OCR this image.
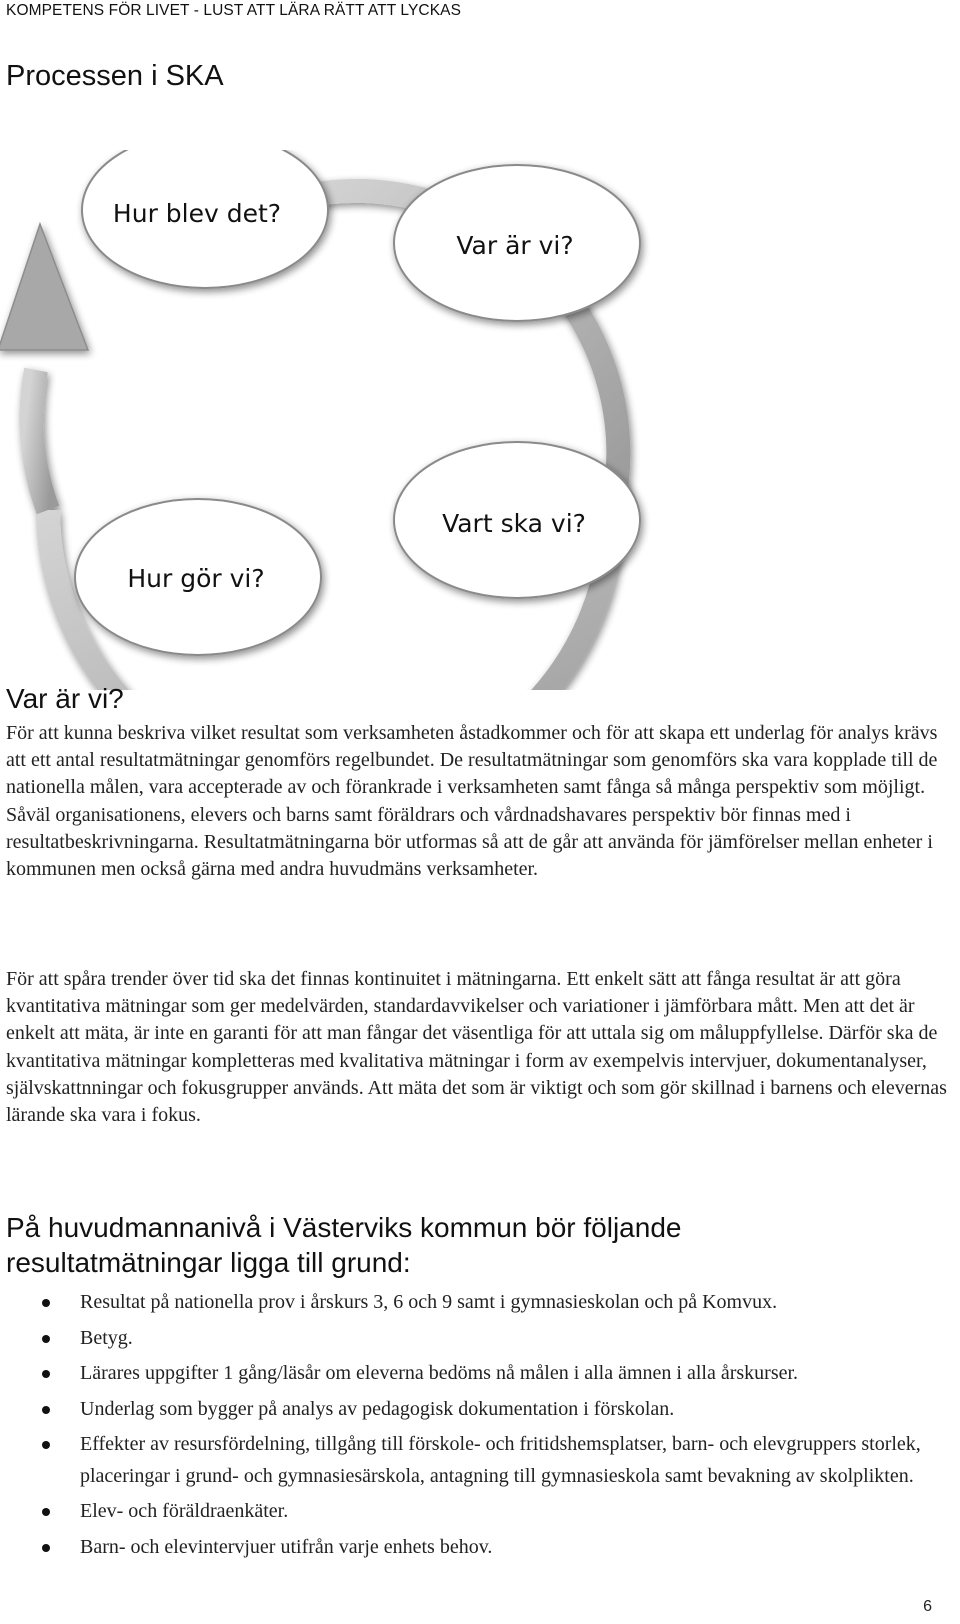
KOMPETENS FÖR LIVET - LUST ATT LÄRA RÄTT ATT LYCKAS
Processen i SKA
Hur blev det?
Var är vi?
Vart ska vi?
Hur gör vi?
Var är vi?

För att kunna beskriva vilket resultat som verksamheten åstadkommer och för att skapa ett underlag för analys krävs att ett antal resultatmätningar genomförs regelbundet. De resultatmätningar som genomförs ska vara kopplade till de nationella målen, vara accepterade av och förankrade i verksamheten samt fånga så många perspektiv som möjligt. Såväl organisationens, elevers och barns samt föräldrars och vårdnadshavares perspektiv bör finnas med i resultatbeskrivningarna. Resultatmätningarna bör utformas så att de går att använda för jämförelser mellan enheter i kommunen men också gärna med andra huvudmäns verksamheter.

För att spåra trender över tid ska det finnas kontinuitet i mätningarna. Ett enkelt sätt att fånga resultat är att göra kvantitativa mätningar som ger medelvärden, standardavvikelser och variationer i jämförbara mått. Men att det är enkelt att mäta, är inte en garanti för att man fångar det väsentliga för att uttala sig om måluppfyllelse. Därför ska de kvantitativa mätningar kompletteras med kvalitativa mätningar i form av exempelvis intervjuer, dokumentanalyser, självskattnningar och fokusgrupper används. Att mäta det som är viktigt och som gör skillnad i barnens och elevernas lärande ska vara i fokus.

På huvudmannanivå i Västerviks kommun bör följande
resultatmätningar ligga till grund:
Resultat på nationella prov i årskurs 3, 6 och 9 samt i gymnasieskolan och på Komvux.
Betyg.
Lärares uppgifter 1 gång/läsår om eleverna bedöms nå målen i alla ämnen i alla årskurser.
Underlag som bygger på analys av pedagogisk dokumentation i förskolan.
Effekter av resursfördelning, tillgång till förskole- och fritidshemsplatser, barn- och elevgruppers storlek, placeringar i grund- och gymnasiesärskola, antagning till gymnasieskola samt bevakning av skolplikten.
Elev- och föräldraenkäter.
Barn- och elevintervjuer utifrån varje enhets behov.
6
